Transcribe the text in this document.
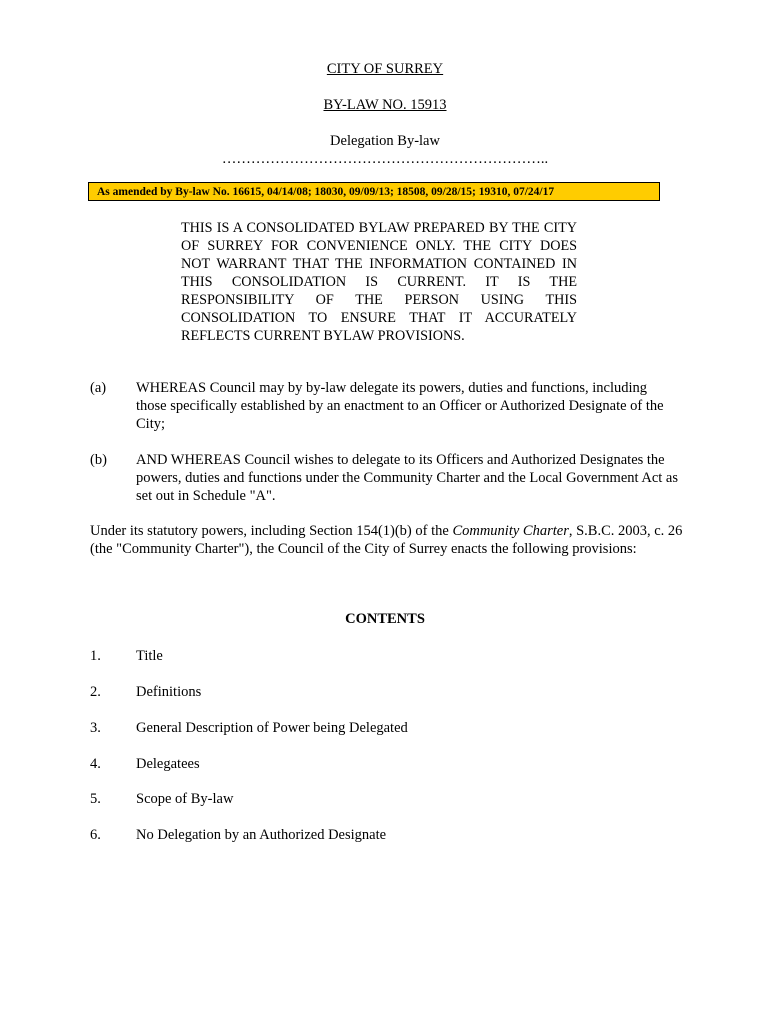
CITY OF SURREY
BY-LAW NO. 15913
Delegation By-law
…………………………………………………………..
As amended by By-law No. 16615, 04/14/08; 18030, 09/09/13; 18508, 09/28/15; 19310, 07/24/17
THIS IS A CONSOLIDATED BYLAW PREPARED BY THE CITY OF SURREY FOR CONVENIENCE ONLY. THE CITY DOES NOT WARRANT THAT THE INFORMATION CONTAINED IN THIS CONSOLIDATION IS CURRENT. IT IS THE RESPONSIBILITY OF THE PERSON USING THIS CONSOLIDATION TO ENSURE THAT IT ACCURATELY REFLECTS CURRENT BYLAW PROVISIONS.
(a) WHEREAS Council may by by-law delegate its powers, duties and functions, including those specifically established by an enactment to an Officer or Authorized Designate of the City;
(b) AND WHEREAS Council wishes to delegate to its Officers and Authorized Designates the powers, duties and functions under the Community Charter and the Local Government Act as set out in Schedule "A".
Under its statutory powers, including Section 154(1)(b) of the Community Charter, S.B.C. 2003, c. 26 (the "Community Charter"), the Council of the City of Surrey enacts the following provisions:
CONTENTS
1. Title
2. Definitions
3. General Description of Power being Delegated
4. Delegatees
5. Scope of By-law
6. No Delegation by an Authorized Designate
